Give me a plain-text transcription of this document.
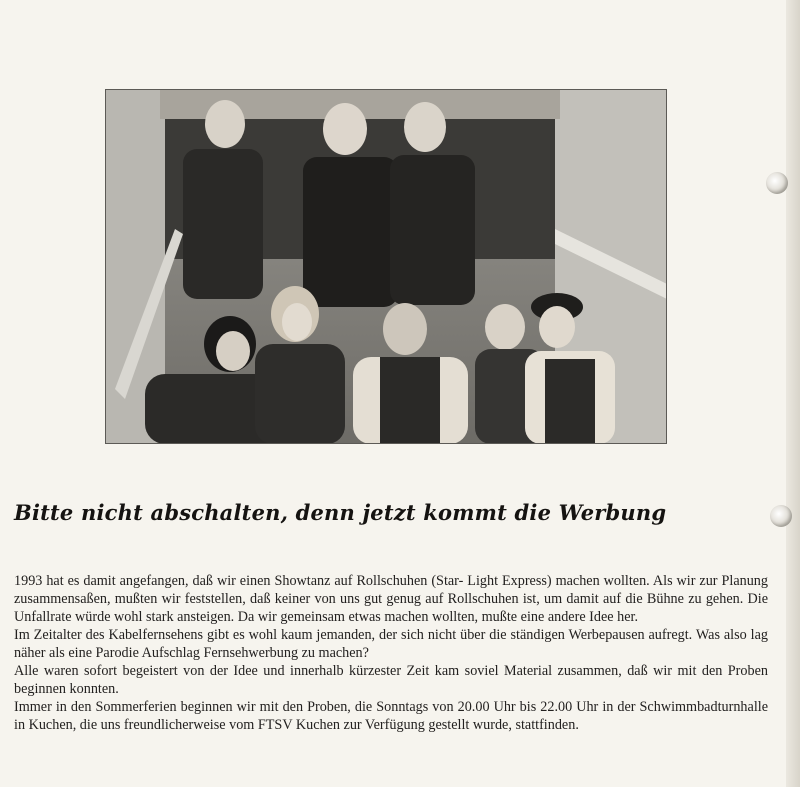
Bitte nicht abschalten, denn jetzt kommt die Werbung

1993 hat es damit angefangen, daß wir einen Showtanz auf Rollschuhen (Star- Light Express) machen wollten. Als wir zur Planung zusammensaßen, mußten wir feststellen, daß keiner von uns gut genug auf Rollschuhen ist, um damit auf die Bühne zu gehen. Die Unfallrate würde wohl stark ansteigen. Da wir gemeinsam etwas machen wollten, mußte eine andere Idee her.

Im Zeitalter des Kabelfernsehens gibt es wohl kaum jemanden, der sich nicht über die ständigen Werbepausen aufregt. Was also lag näher als eine Parodie Aufschlag Fernsehwerbung zu machen?

Alle waren sofort begeistert von der Idee und innerhalb kürzester Zeit kam soviel Material zusammen, daß wir mit den Proben beginnen konnten.

Immer in den Sommerferien beginnen wir mit den Proben, die Sonntags von 20.00 Uhr bis 22.00 Uhr in der Schwimmbadturnhalle in Kuchen, die uns freundlicherweise vom FTSV Kuchen zur Verfügung gestellt wurde, stattfinden.
